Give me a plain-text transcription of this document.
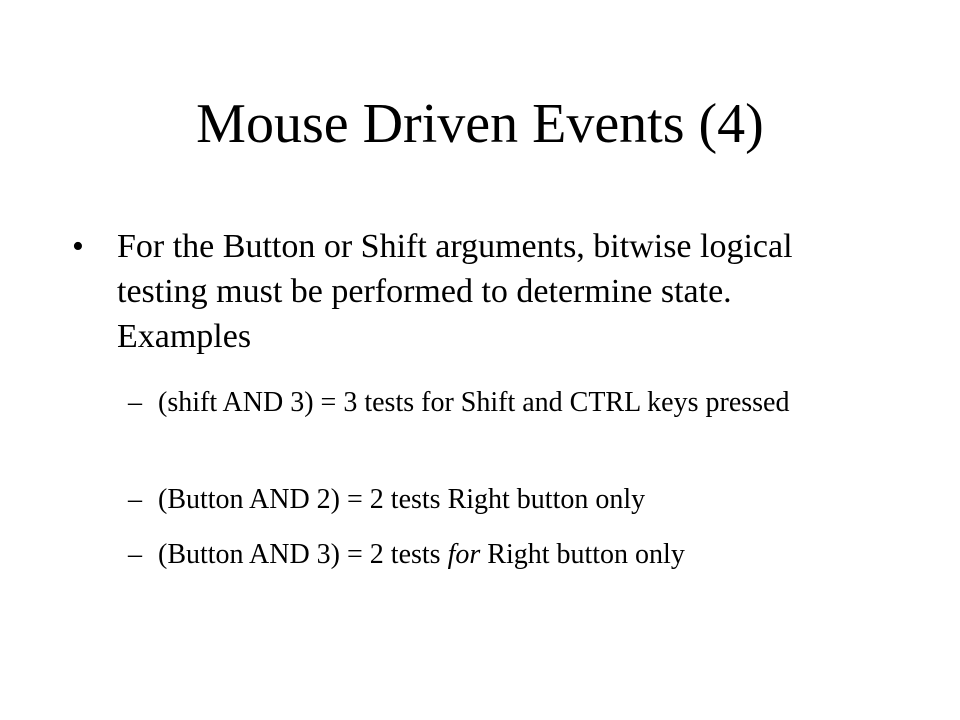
Mouse Driven Events (4)
• For the Button or Shift arguments, bitwise logical testing must be performed to determine state. Examples
– (shift AND 3) = 3 tests for Shift and CTRL keys pressed
– (Button AND 2) = 2 tests Right button only
– (Button AND 3) = 2 tests for Right button only
